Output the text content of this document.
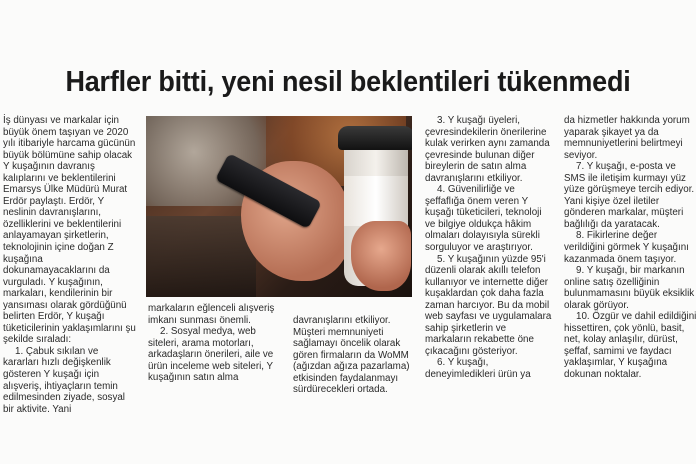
Harfler bitti, yeni nesil beklentileri tükenmedi

İş dünyası ve markalar için büyük önem taşıyan ve 2020 yılı itibariyle harcama gücünün büyük bölümüne sahip olacak Y kuşağının davranış kalıplarını ve beklentilerini Emarsys Ülke Müdürü Murat Erdör paylaştı. Erdör, Y neslinin davranışlarını, özelliklerini ve beklentilerini anlayamayan şirketlerin, teknolojinin içine doğan Z kuşağına dokunamayacaklarını da vurguladı. Y kuşağının, markaları, kendilerinin bir yansıması olarak gördüğünü belirten Erdör, Y kuşağı tüketicilerinin yaklaşımlarını şu şekilde sıraladı:

1. Çabuk sıkılan ve kararları hızlı değişkenlik gösteren Y kuşağı için alışveriş, ihtiyaçların temin edilmesinden ziyade, sosyal bir aktivite. Yani

markaların eğlenceli alışveriş imkanı sunması önemli.

2. Sosyal medya, web siteleri, arama motorları, arkadaşların önerileri, aile ve ürün inceleme web siteleri, Y kuşağının satın alma

davranışlarını etkiliyor. Müşteri memnuniyeti sağlamayı öncelik olarak gören firmaların da WoMM (ağızdan ağıza pazarlama) etkisinden faydalanmayı sürdürecekleri ortada.

3. Y kuşağı üyeleri, çevresindekilerin önerilerine kulak verirken aynı zamanda çevresinde bulunan diğer bireylerin de satın alma davranışlarını etkiliyor.

4. Güvenilirliğe ve şeffaflığa önem veren Y kuşağı tüketicileri, teknoloji ve bilgiye oldukça hâkim olmaları dolayısıyla sürekli sorguluyor ve araştırıyor.

5. Y kuşağının yüzde 95'i düzenli olarak akıllı telefon kullanıyor ve internette diğer kuşaklardan çok daha fazla zaman harcıyor. Bu da mobil web sayfası ve uygulamalara sahip şirketlerin ve markaların rekabette öne çıkacağını gösteriyor.

6. Y kuşağı, deneyimledikleri ürün ya

da hizmetler hakkında yorum yaparak şikayet ya da memnuniyetlerini belirtmeyi seviyor.

7. Y kuşağı, e-posta ve SMS ile iletişim kurmayı yüz yüze görüşmeye tercih ediyor. Yani kişiye özel iletiler gönderen markalar, müşteri bağlılığı da yaratacak.

8. Fikirlerine değer verildiğini görmek Y kuşağını kazanmada önem taşıyor.

9. Y kuşağı, bir markanın online satış özelliğinin bulunmamasını büyük eksiklik olarak görüyor.

10. Özgür ve dahil edildiğini hissettiren, çok yönlü, basit, net, kolay anlaşılır, dürüst, şeffaf, samimi ve faydacı yaklaşımlar, Y kuşağına dokunan noktalar.
